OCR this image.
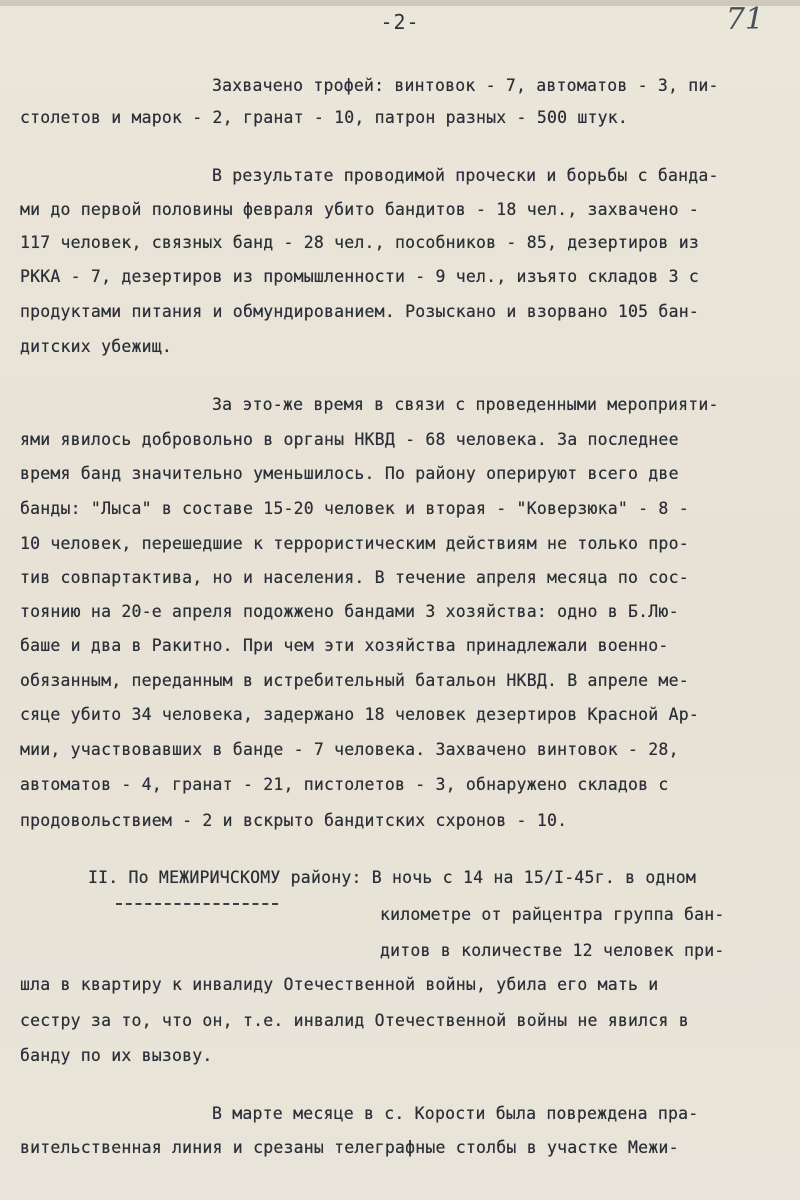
-2-	71
Захвачено трофей: винтовок - 7, автоматов - 3, пи-
столетов и марок - 2, гранат - 10, патрон разных - 500 штук.
В результате проводимой прочески и борьбы с банда-
ми до первой половины февраля убито бандитов - 18 чел., захвачено -
117 человек, связных банд - 28 чел., пособников - 85, дезертиров из
РККА - 7, дезертиров из промышленности - 9 чел., изъято складов 3 с
продуктами питания и обмундированием. Розыскано и взорвано 105 бан-
дитских убежищ.
За это-же время в связи с проведенными мероприяти-
ями явилось добровольно в органы НКВД - 68 человека. За последнее
время банд значительно уменьшилось. По району оперируют всего две
банды: "Лыса" в составе 15-20 человек и вторая - "Коверзюка" - 8 -
10 человек, перешедшие к террористическим действиям не только про-
тив совпартактива, но и населения. В течение апреля месяца по сос-
тоянию на 20-е апреля подожжено бандами 3 хозяйства: одно в Б.Лю-
баше и два в Ракитно. При чем эти хозяйства принадлежали военно-
обязанным, переданным в истребительный батальон НКВД. В апреле ме-
сяце убито 34 человека, задержано 18 человек дезертиров Красной Ар-
мии, участвовавших в банде - 7 человека. Захвачено винтовок - 28,
автоматов - 4, гранат - 21, пистолетов - 3, обнаружено складов с
продовольствием - 2 и вскрыто бандитских схронов - 10.
II. По МЕЖИРИЧСКОМУ району: В ночь с 14 на 15/I-45г. в одном
километре от райцентра группа бан-
дитов в количестве 12 человек при-
шла в квартиру к инвалиду Отечественной войны, убила его мать и
сестру за то, что он, т.е. инвалид Отечественной войны не явился в
банду по их вызову.
В марте месяце в с. Корости была повреждена пра-
вительственная линия и срезаны телеграфные столбы в участке Межи-
